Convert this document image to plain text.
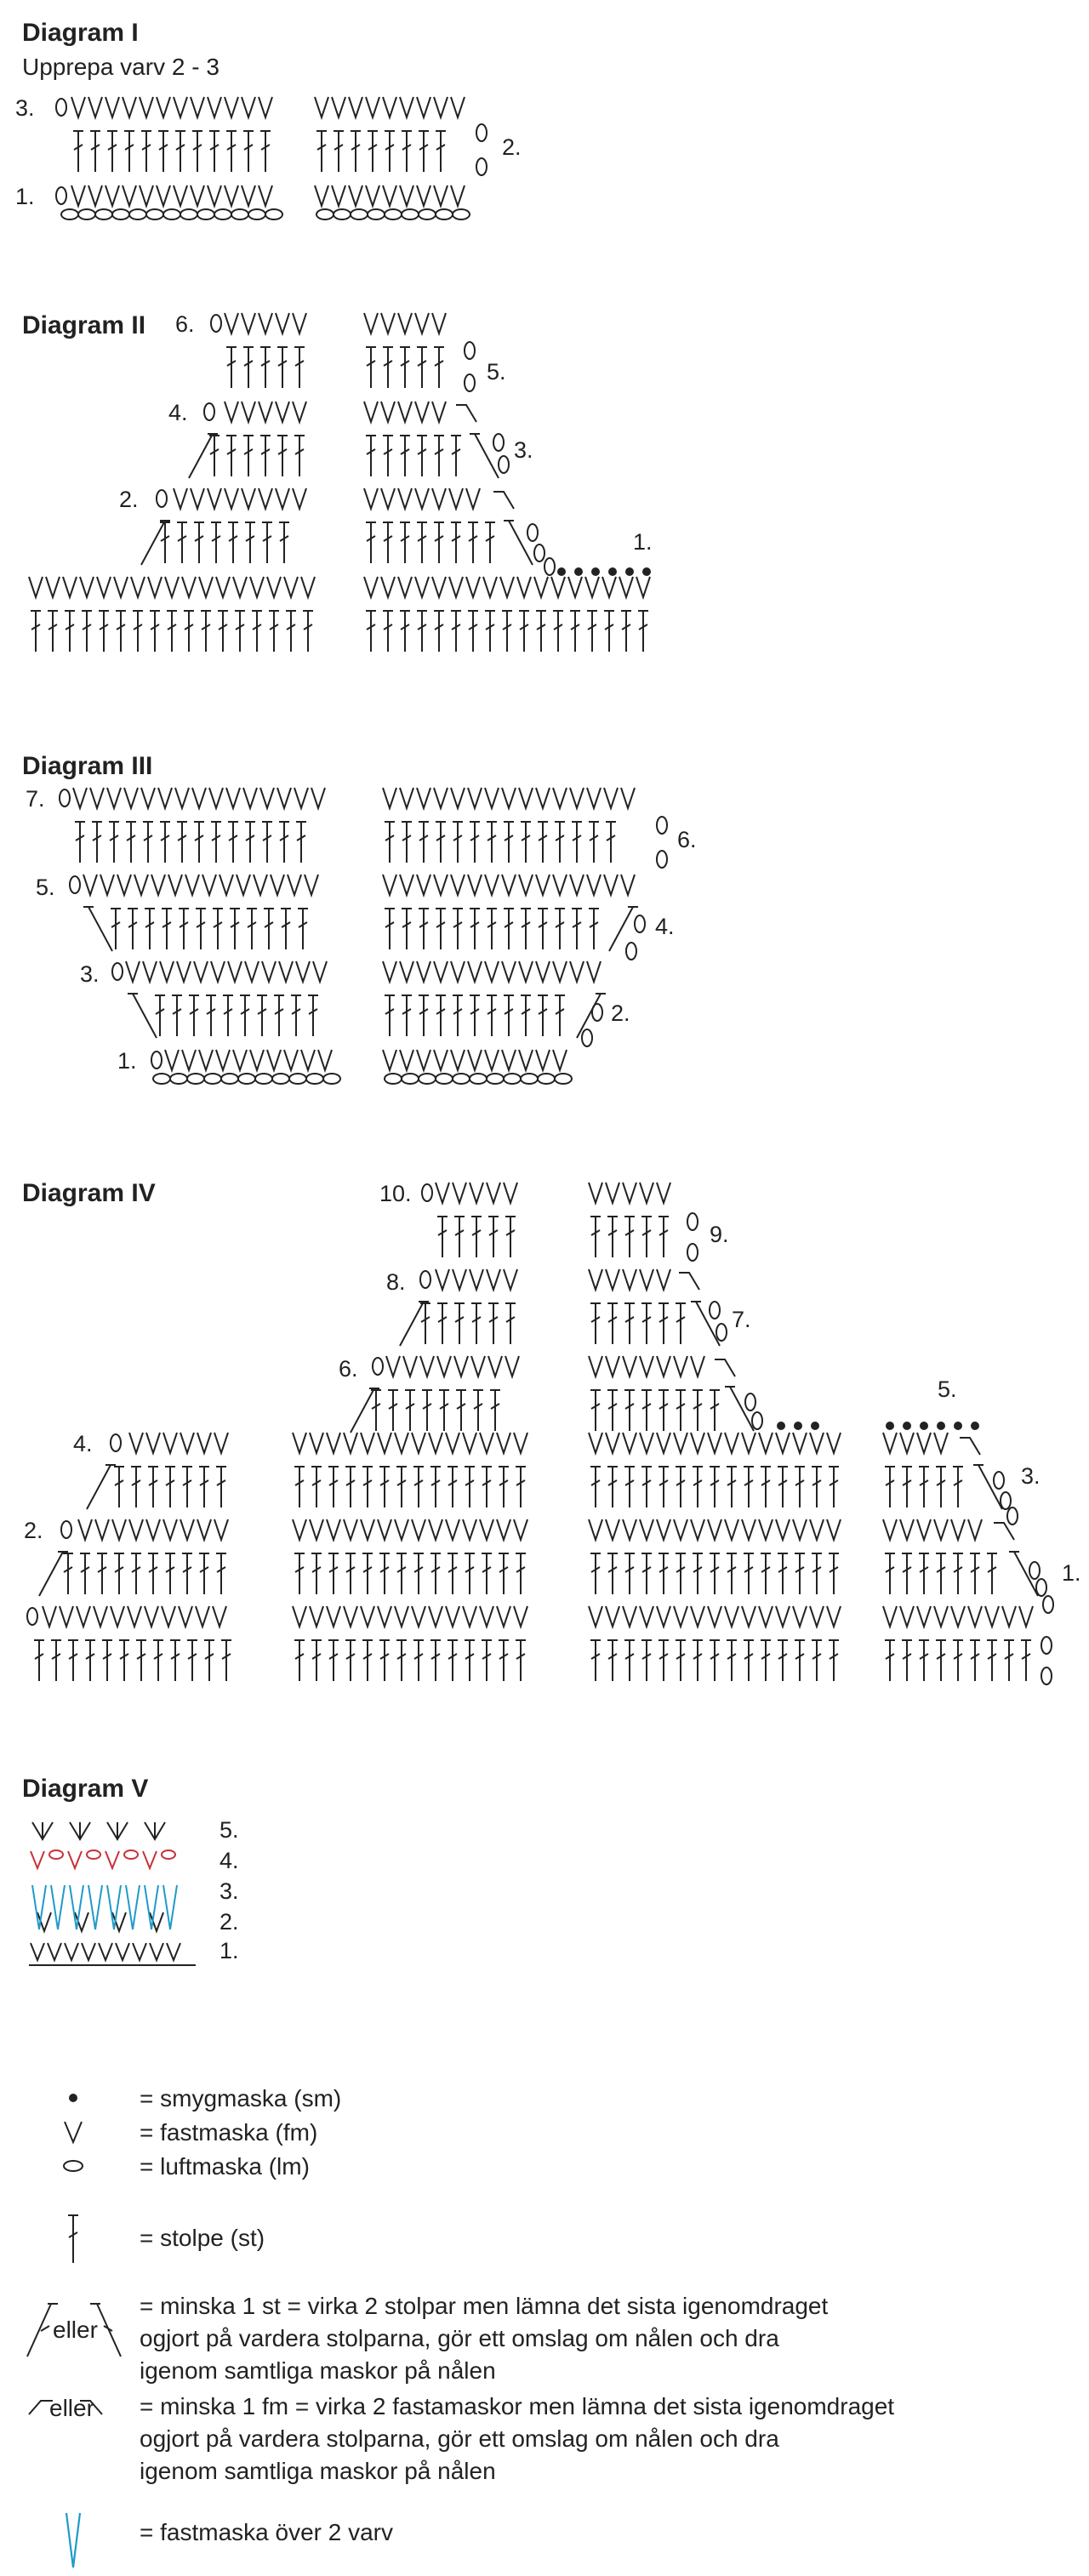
Diagram I
Upprepa varv 2 - 3
3.
2.
1.
Diagram II 6.
5.
4.
3.
2.
1.
Diagram III
7.
6.
5.
4.
3.
2.
1.
Diagram IV	10.
9.
8.
7.
6.
5.
4.
3.
2.
1.
Diagram V
5.
4.
3.
2.
1.
= smygmaska (sm)
= fastmaska (fm)
= luftmaska (lm)
= stolpe (st)
eller
= minska 1 st = virka 2 stolpar men lämna det sista igenomdraget
ogjort på vardera stolparna, gör ett omslag om nålen och dra
igenom samtliga maskor på nålen
eller = minska 1 fm = virka 2 fastamaskor men lämna det sista igenomdraget
ogjort på vardera stolparna, gör ett omslag om nålen och dra
igenom samtliga maskor på nålen
= fastmaska över 2 varv
